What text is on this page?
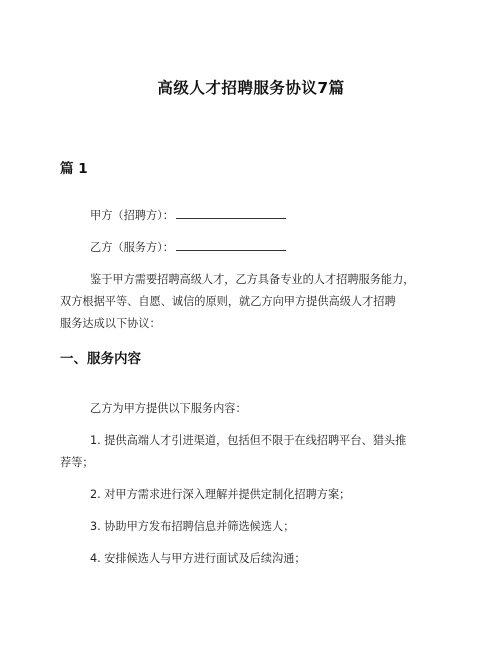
高级人才招聘服务协议7篇
篇 1
甲方（招聘方）：
乙方（服务方）：
鉴于甲方需要招聘高级人才，乙方具备专业的人才招聘服务能力，
双方根据平等、自愿、诚信的原则，就乙方向甲方提供高级人才招聘
服务达成以下协议：
一、服务内容
乙方为甲方提供以下服务内容：
1. 提供高端人才引进渠道，包括但不限于在线招聘平台、猎头推
荐等；
2. 对甲方需求进行深入理解并提供定制化招聘方案；
3. 协助甲方发布招聘信息并筛选候选人；
4. 安排候选人与甲方进行面试及后续沟通；
